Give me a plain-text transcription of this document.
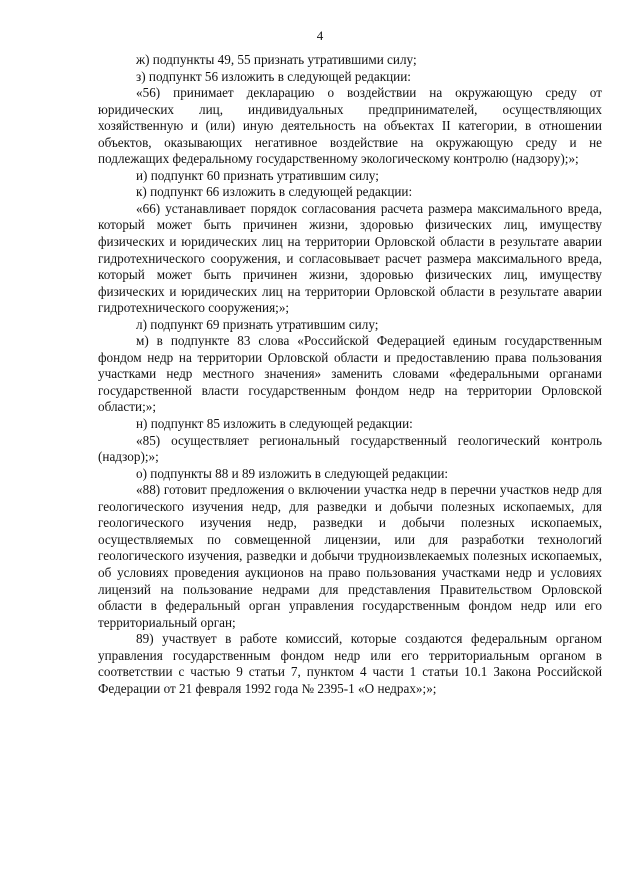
4

ж) подпункты 49, 55 признать утратившими силу;

з) подпункт 56 изложить в следующей редакции:

«56) принимает декларацию о воздействии на окружающую среду от юридических лиц, индивидуальных предпринимателей, осуществляющих хозяйственную и (или) иную деятельность на объектах II категории, в отношении объектов, оказывающих негативное воздействие на окружающую среду и не подлежащих федеральному государственному экологическому контролю (надзору);»;

и) подпункт 60 признать утратившим силу;

к) подпункт 66 изложить в следующей редакции:

«66) устанавливает порядок согласования расчета размера максимального вреда, который может быть причинен жизни, здоровью физических лиц, имуществу физических и юридических лиц на территории Орловской области в результате аварии гидротехнического сооружения, и согласовывает расчет размера максимального вреда, который может быть причинен жизни, здоровью физических лиц, имуществу физических и юридических лиц на территории Орловской области в результате аварии гидротехнического сооружения;»;

л) подпункт 69 признать утратившим силу;

м) в подпункте 83 слова «Российской Федерацией единым государственным фондом недр на территории Орловской области и предоставлению права пользования участками недр местного значения» заменить словами «федеральными органами государственной власти государственным фондом недр на территории Орловской области;»;

н) подпункт 85 изложить в следующей редакции:

«85) осуществляет региональный государственный геологический контроль (надзор);»;

о) подпункты 88 и 89 изложить в следующей редакции:

«88) готовит предложения о включении участка недр в перечни участков недр для геологического изучения недр, для разведки и добычи полезных ископаемых, для геологического изучения недр, разведки и добычи полезных ископаемых, осуществляемых по совмещенной лицензии, или для разработки технологий геологического изучения, разведки и добычи трудноизвлекаемых полезных ископаемых, об условиях проведения аукционов на право пользования участками недр и условиях лицензий на пользование недрами для представления Правительством Орловской области в федеральный орган управления государственным фондом недр или его территориальный орган;

89) участвует в работе комиссий, которые создаются федеральным органом управления государственным фондом недр или его территориальным органом в соответствии с частью 9 статьи 7, пунктом 4 части 1 статьи 10.1 Закона Российской Федерации от 21 февраля 1992 года № 2395-1 «О недрах»;»;
